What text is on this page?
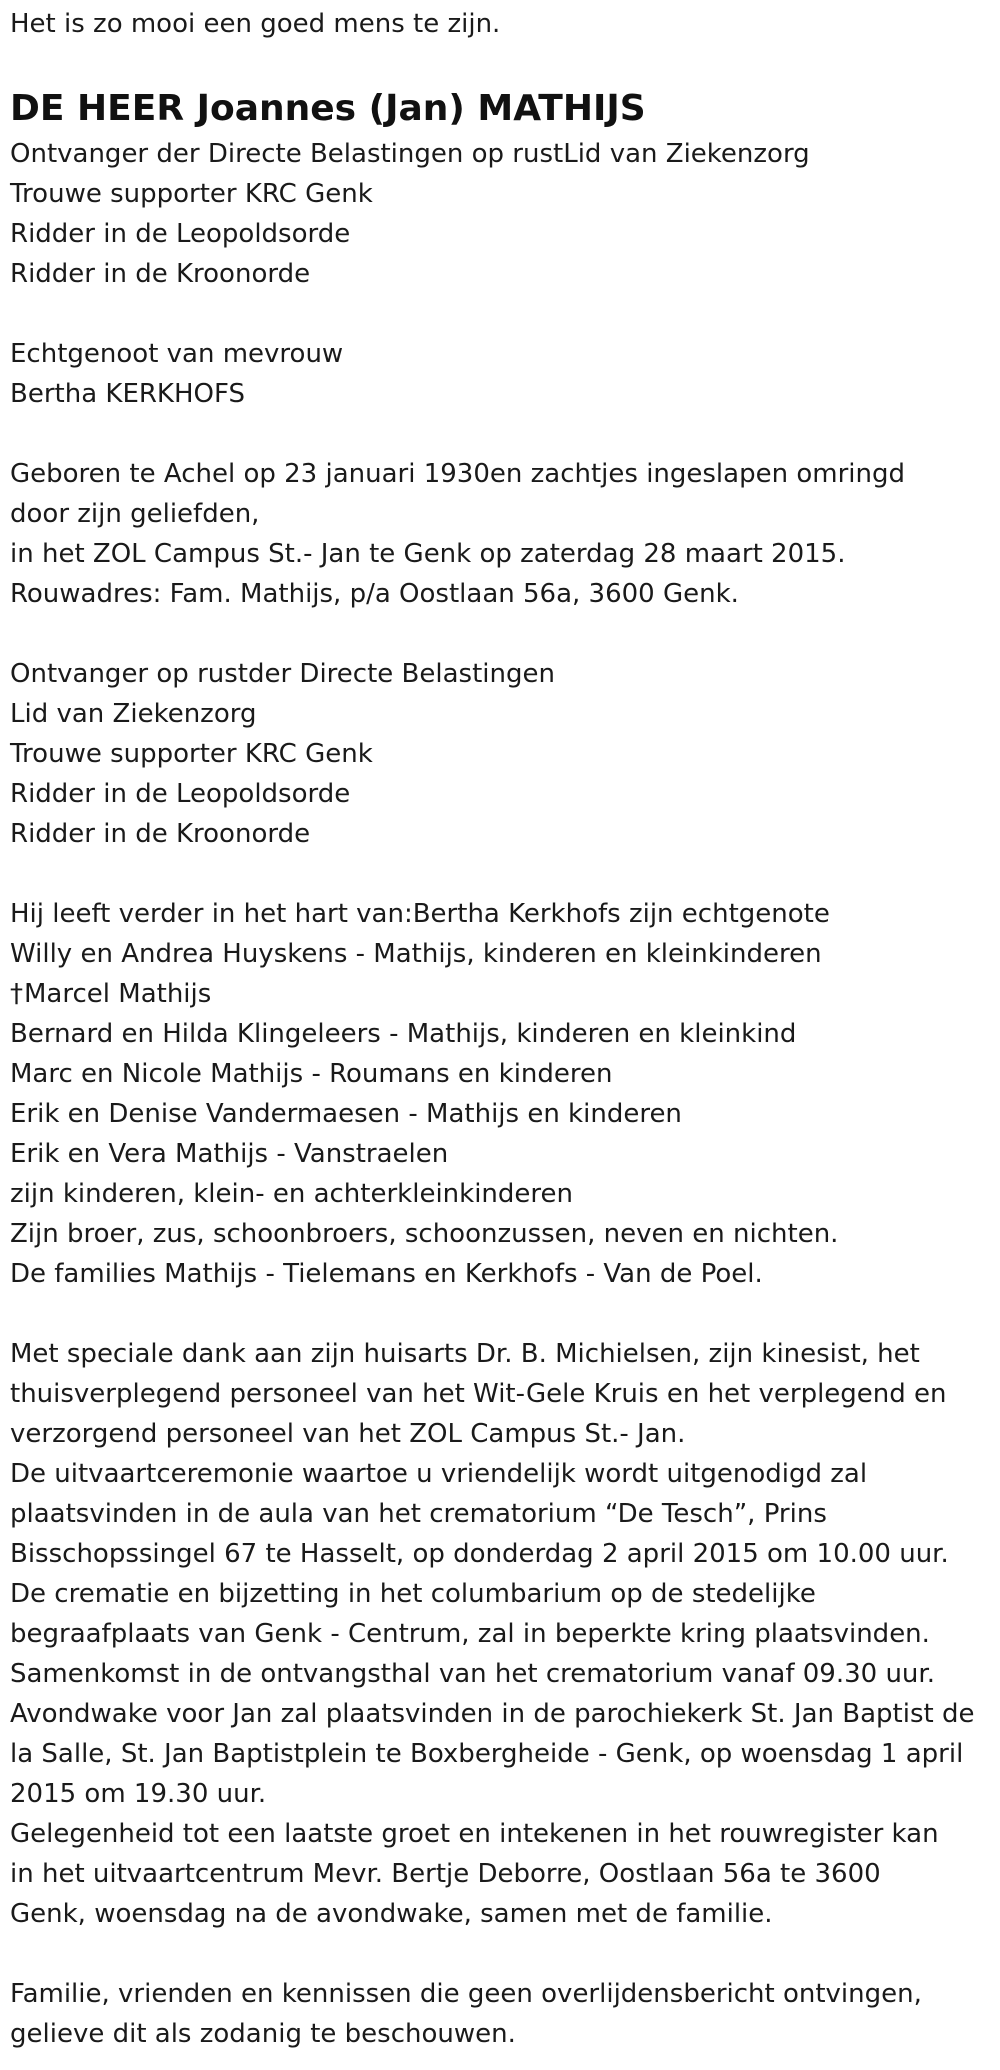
Het is zo mooi een goed mens te zijn.

DE HEER Joannes (Jan) MATHIJS

Ontvanger der Directe Belastingen op rustLid van Ziekenzorg

Trouwe supporter KRC Genk

Ridder in de Leopoldsorde

Ridder in de Kroonorde

Echtgenoot van mevrouw

Bertha KERKHOFS

Geboren te Achel op 23 januari 1930en zachtjes ingeslapen omringd

door zijn geliefden,

in het ZOL Campus St.- Jan te Genk op zaterdag 28 maart 2015.

Rouwadres: Fam. Mathijs, p/a Oostlaan 56a, 3600 Genk.

Ontvanger op rustder Directe Belastingen

Lid van Ziekenzorg

Trouwe supporter KRC Genk

Ridder in de Leopoldsorde

Ridder in de Kroonorde

Hij leeft verder in het hart van:Bertha Kerkhofs zijn echtgenote

Willy en Andrea Huyskens - Mathijs, kinderen en kleinkinderen

†Marcel Mathijs

Bernard en Hilda Klingeleers - Mathijs, kinderen en kleinkind

Marc en Nicole Mathijs - Roumans en kinderen

Erik en Denise Vandermaesen - Mathijs en kinderen

Erik en Vera Mathijs - Vanstraelen

zijn kinderen, klein- en achterkleinkinderen

Zijn broer, zus, schoonbroers, schoonzussen, neven en nichten.

De families Mathijs - Tielemans en Kerkhofs - Van de Poel.

Met speciale dank aan zijn huisarts Dr. B. Michielsen, zijn kinesist, het

thuisverplegend personeel van het Wit-Gele Kruis en het verplegend en

verzorgend personeel van het ZOL Campus St.- Jan.

De uitvaartceremonie waartoe u vriendelijk wordt uitgenodigd zal

plaatsvinden in de aula van het crematorium “De Tesch”, Prins

Bisschopssingel 67 te Hasselt, op donderdag 2 april 2015 om 10.00 uur.

De crematie en bijzetting in het columbarium op de stedelijke

begraafplaats van Genk - Centrum, zal in beperkte kring plaatsvinden.

Samenkomst in de ontvangsthal van het crematorium vanaf 09.30 uur.

Avondwake voor Jan zal plaatsvinden in de parochiekerk St. Jan Baptist de

la Salle, St. Jan Baptistplein te Boxbergheide - Genk, op woensdag 1 april

2015 om 19.30 uur.

Gelegenheid tot een laatste groet en intekenen in het rouwregister kan

in het uitvaartcentrum Mevr. Bertje Deborre, Oostlaan 56a te 3600

Genk, woensdag na de avondwake, samen met de familie.

Familie, vrienden en kennissen die geen overlijdensbericht ontvingen,

gelieve dit als zodanig te beschouwen.
